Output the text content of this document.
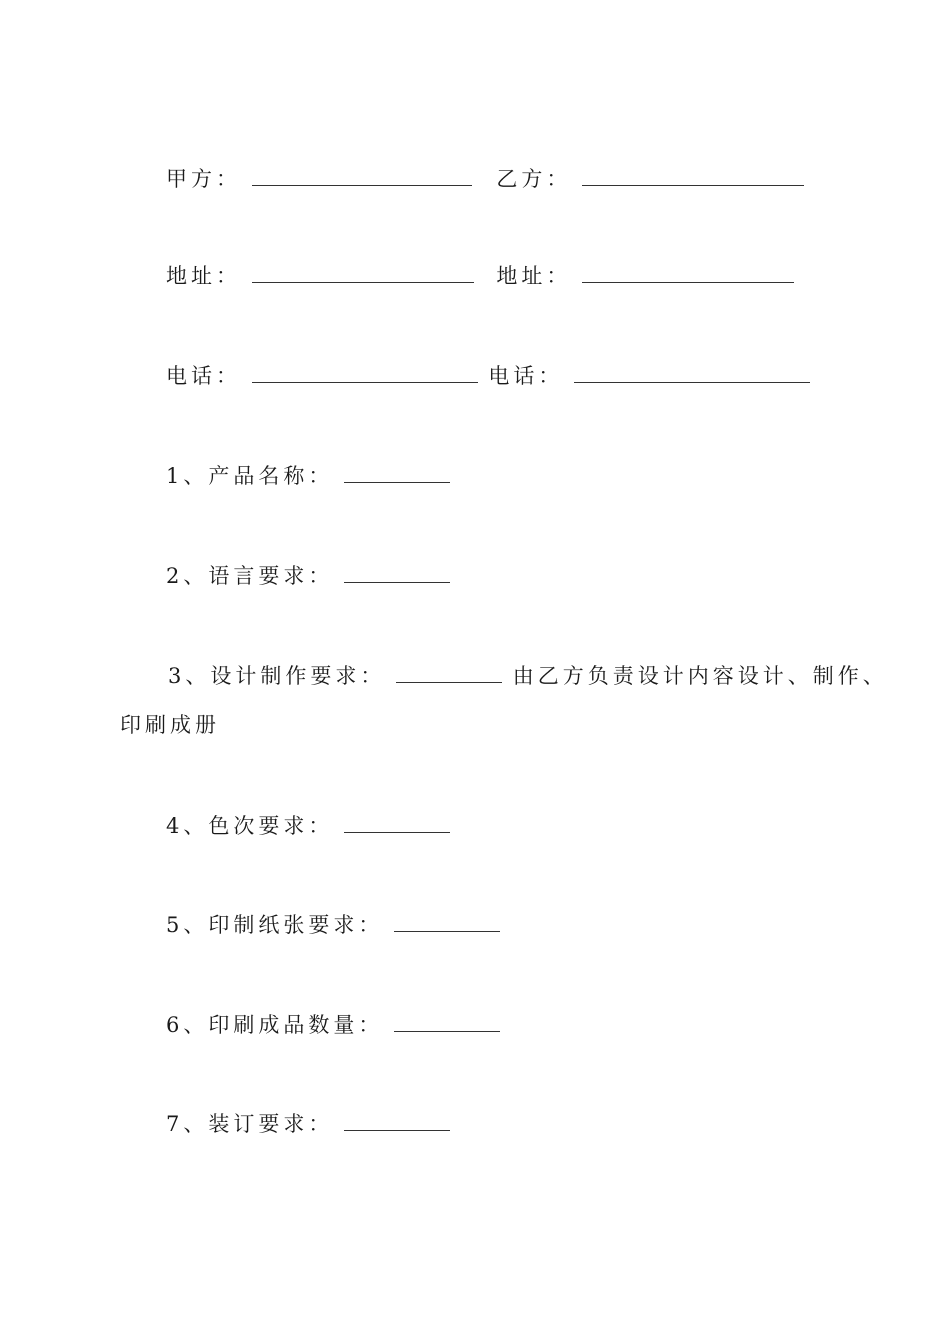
甲方：	乙方：
地址：	地址：
电话：	电话：
1、产品名称：
2、语言要求：
3、设计制作要求：	由乙方负责设计内容设计、制作、
印刷成册
4、色次要求：
5、印制纸张要求：
6、印刷成品数量：
7、装订要求：
